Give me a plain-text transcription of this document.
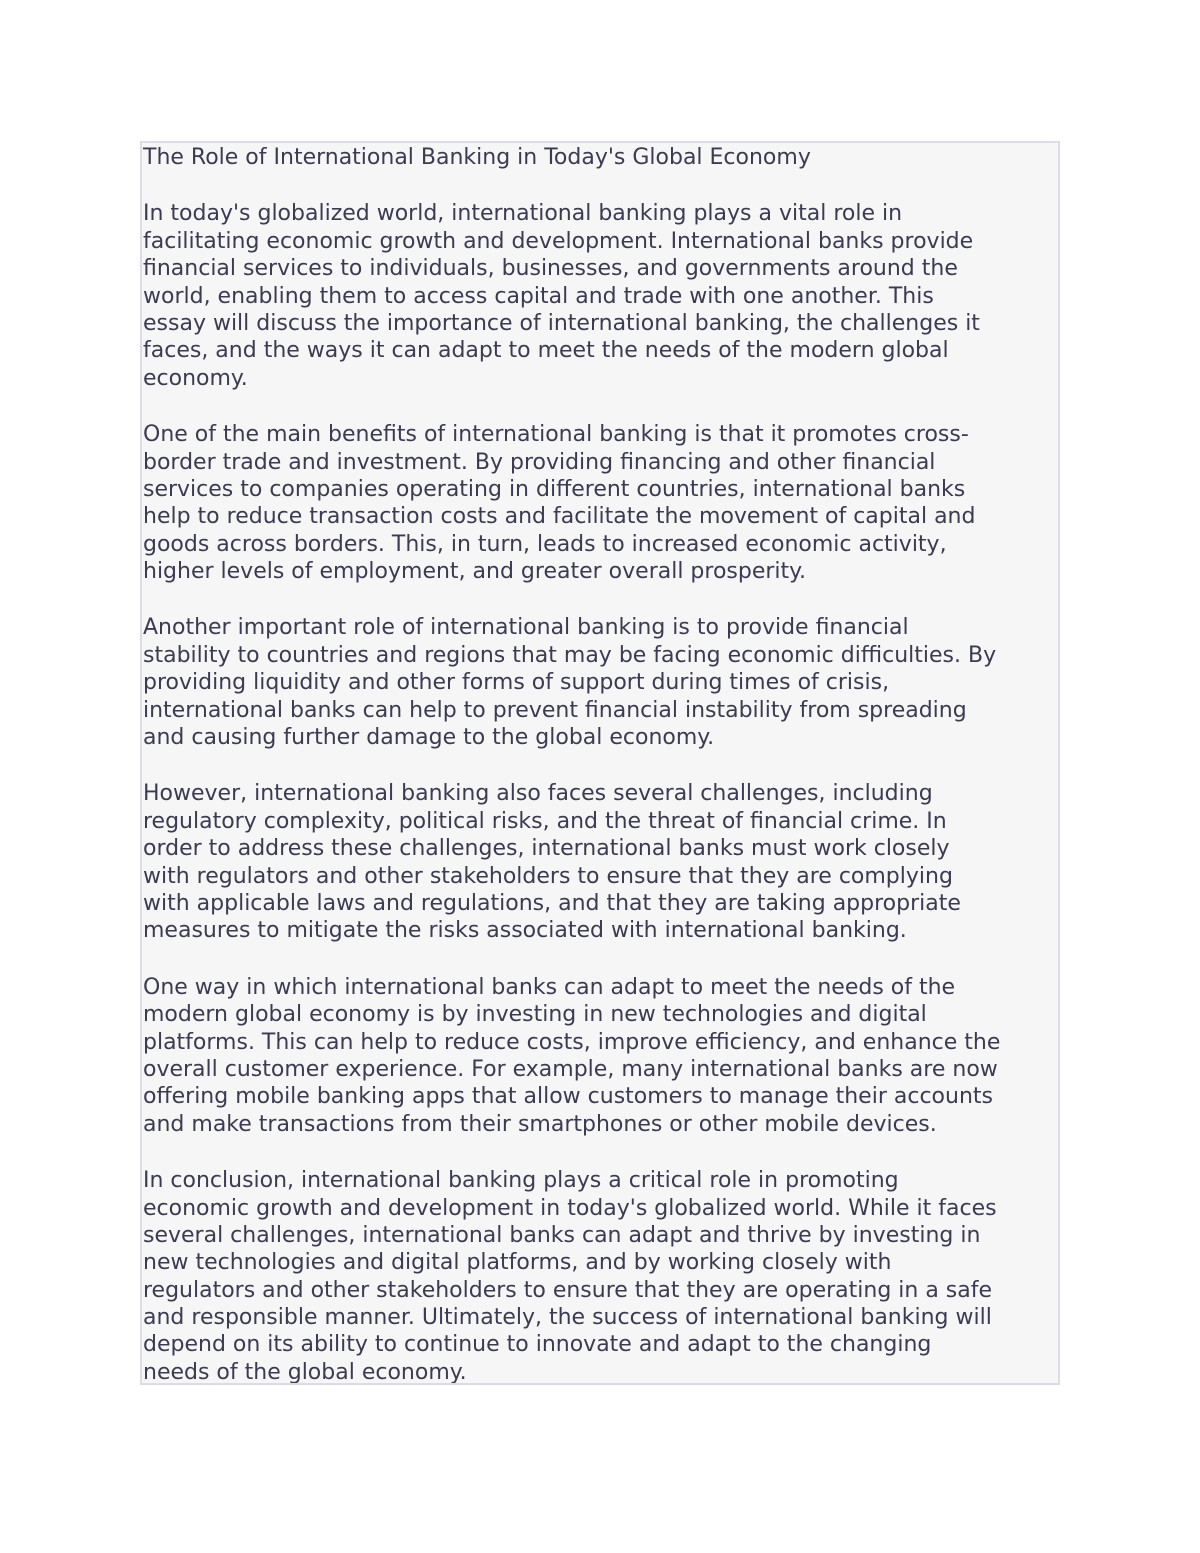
The Role of International Banking in Today's Global Economy
In today's globalized world, international banking plays a vital role in
facilitating economic growth and development. International banks provide
financial services to individuals, businesses, and governments around the
world, enabling them to access capital and trade with one another. This
essay will discuss the importance of international banking, the challenges it
faces, and the ways it can adapt to meet the needs of the modern global
economy.
One of the main benefits of international banking is that it promotes cross-
border trade and investment. By providing financing and other financial
services to companies operating in different countries, international banks
help to reduce transaction costs and facilitate the movement of capital and
goods across borders. This, in turn, leads to increased economic activity,
higher levels of employment, and greater overall prosperity.
Another important role of international banking is to provide financial
stability to countries and regions that may be facing economic difficulties. By
providing liquidity and other forms of support during times of crisis,
international banks can help to prevent financial instability from spreading
and causing further damage to the global economy.
However, international banking also faces several challenges, including
regulatory complexity, political risks, and the threat of financial crime. In
order to address these challenges, international banks must work closely
with regulators and other stakeholders to ensure that they are complying
with applicable laws and regulations, and that they are taking appropriate
measures to mitigate the risks associated with international banking.
One way in which international banks can adapt to meet the needs of the
modern global economy is by investing in new technologies and digital
platforms. This can help to reduce costs, improve efficiency, and enhance the
overall customer experience. For example, many international banks are now
offering mobile banking apps that allow customers to manage their accounts
and make transactions from their smartphones or other mobile devices.
In conclusion, international banking plays a critical role in promoting
economic growth and development in today's globalized world. While it faces
several challenges, international banks can adapt and thrive by investing in
new technologies and digital platforms, and by working closely with
regulators and other stakeholders to ensure that they are operating in a safe
and responsible manner. Ultimately, the success of international banking will
depend on its ability to continue to innovate and adapt to the changing
needs of the global economy.
